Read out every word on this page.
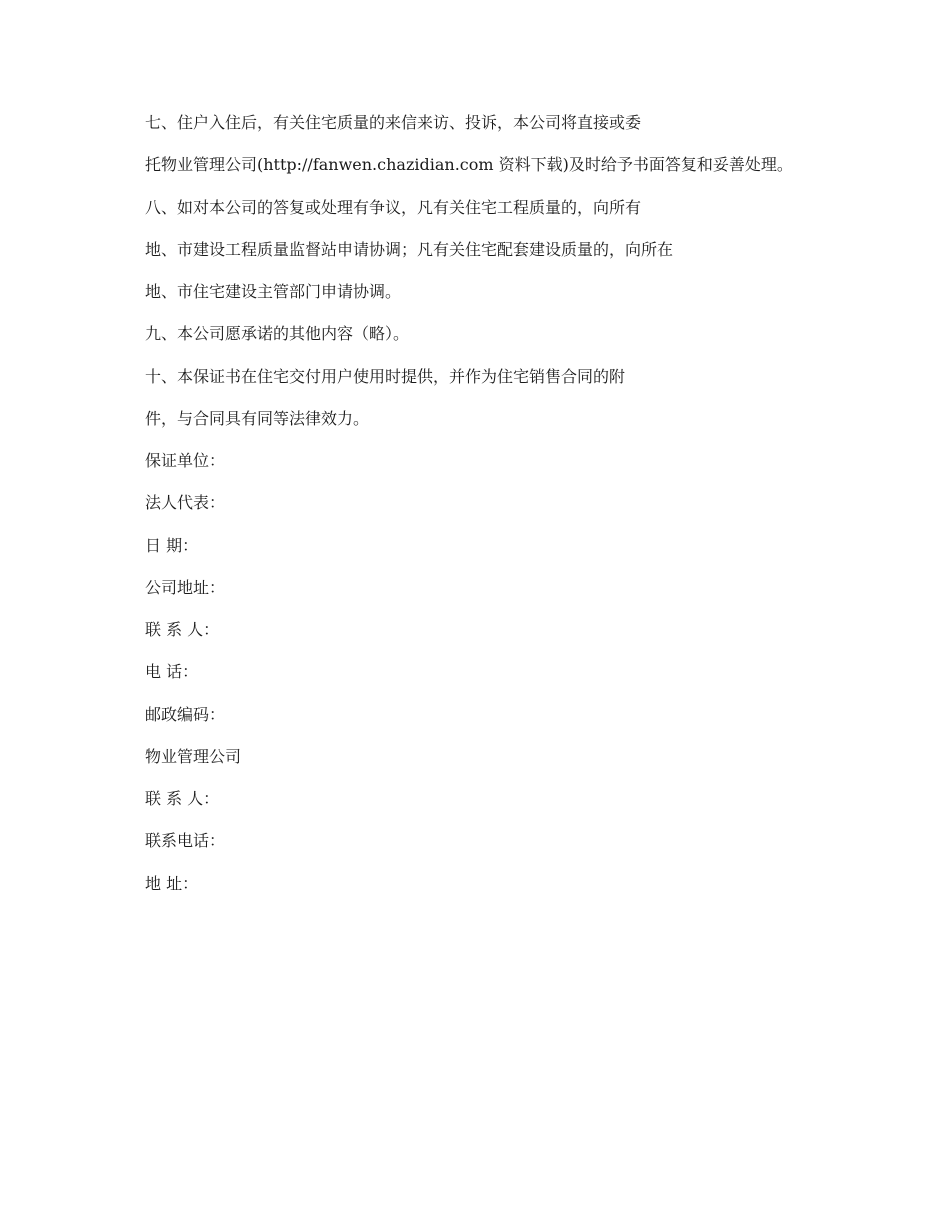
七、住户入住后，有关住宅质量的来信来访、投诉，本公司将直接或委
托物业管理公司(http://fanwen.chazidian.com 资料下载)及时给予书面答复和妥善处理。
八、如对本公司的答复或处理有争议，凡有关住宅工程质量的，向所有
地、市建设工程质量监督站申请协调；凡有关住宅配套建设质量的，向所在
地、市住宅建设主管部门申请协调。
九、本公司愿承诺的其他内容（略）。
十、本保证书在住宅交付用户使用时提供，并作为住宅销售合同的附
件，与合同具有同等法律效力。
保证单位：
法人代表：
日 期：
公司地址：
联 系 人：
电 话：
邮政编码：
物业管理公司
联 系 人：
联系电话：
地 址：
